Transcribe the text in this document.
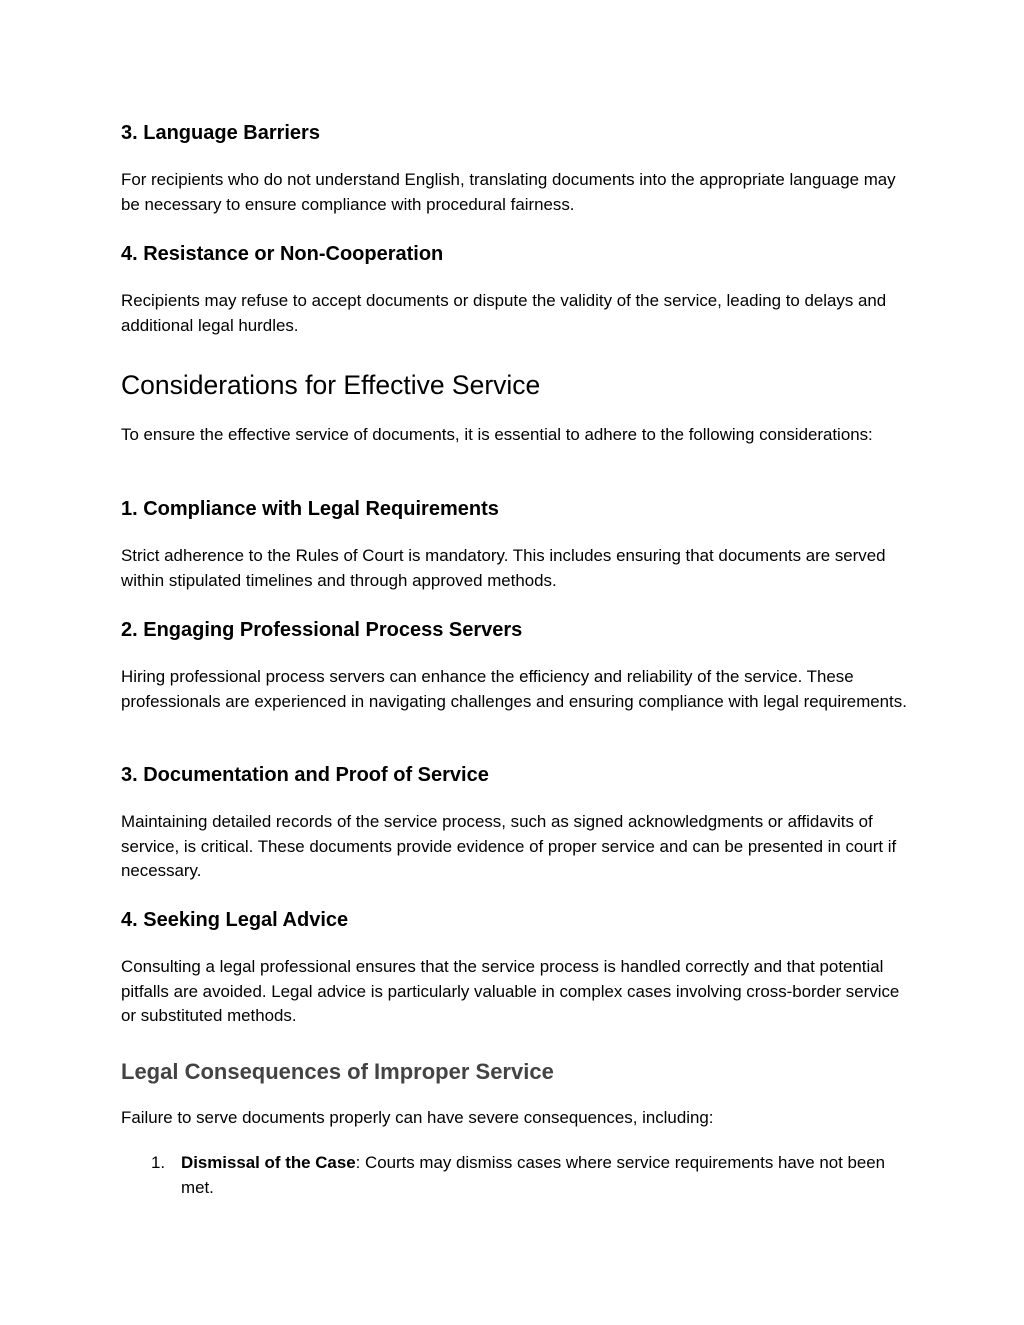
3. Language Barriers

For recipients who do not understand English, translating documents into the appropriate language may be necessary to ensure compliance with procedural fairness.

4. Resistance or Non-Cooperation

Recipients may refuse to accept documents or dispute the validity of the service, leading to delays and additional legal hurdles.

Considerations for Effective Service

To ensure the effective service of documents, it is essential to adhere to the following considerations:

1. Compliance with Legal Requirements

Strict adherence to the Rules of Court is mandatory. This includes ensuring that documents are served within stipulated timelines and through approved methods.

2. Engaging Professional Process Servers

Hiring professional process servers can enhance the efficiency and reliability of the service. These professionals are experienced in navigating challenges and ensuring compliance with legal requirements.

3. Documentation and Proof of Service

Maintaining detailed records of the service process, such as signed acknowledgments or affidavits of service, is critical. These documents provide evidence of proper service and can be presented in court if necessary.

4. Seeking Legal Advice

Consulting a legal professional ensures that the service process is handled correctly and that potential pitfalls are avoided. Legal advice is particularly valuable in complex cases involving cross-border service or substituted methods.

Legal Consequences of Improper Service

Failure to serve documents properly can have severe consequences, including:

1. Dismissal of the Case: Courts may dismiss cases where service requirements have not been met.
